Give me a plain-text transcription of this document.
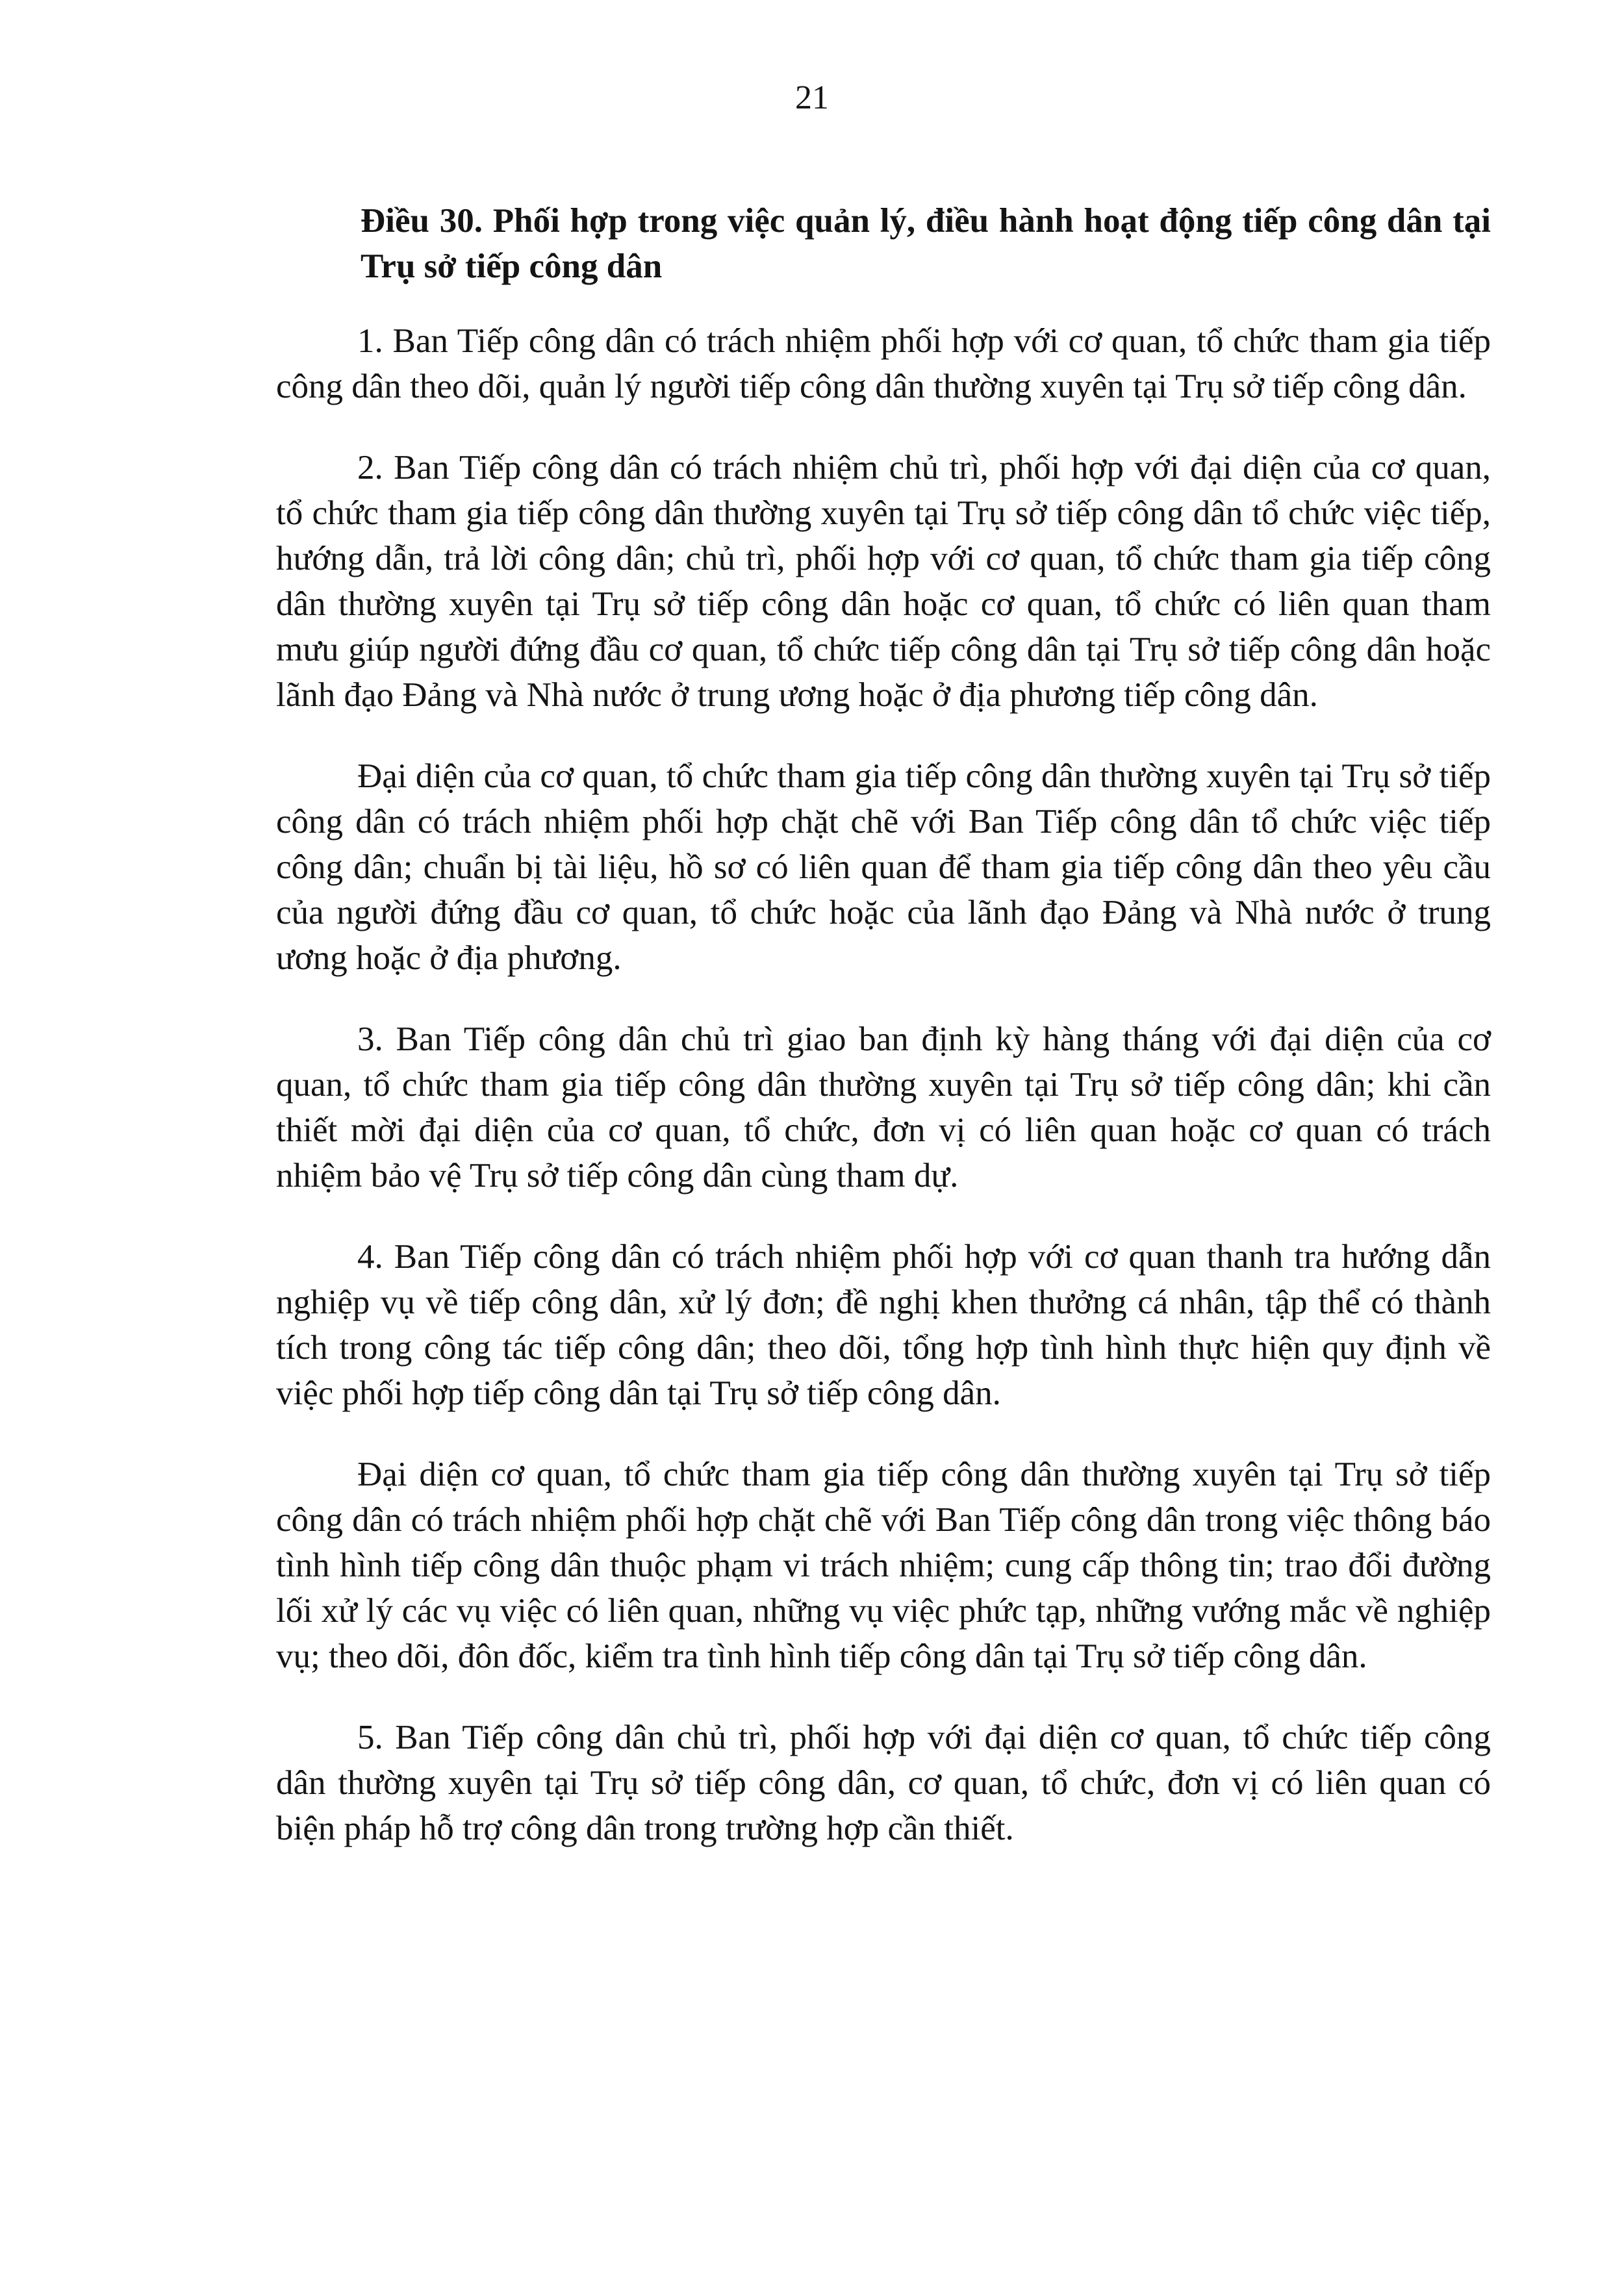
21

Điều 30. Phối hợp trong việc quản lý, điều hành hoạt động tiếp công dân tại Trụ sở tiếp công dân

1. Ban Tiếp công dân có trách nhiệm phối hợp với cơ quan, tổ chức tham gia tiếp công dân theo dõi, quản lý người tiếp công dân thường xuyên tại Trụ sở tiếp công dân.

2. Ban Tiếp công dân có trách nhiệm chủ trì, phối hợp với đại diện của cơ quan, tổ chức tham gia tiếp công dân thường xuyên tại Trụ sở tiếp công dân tổ chức việc tiếp, hướng dẫn, trả lời công dân; chủ trì, phối hợp với cơ quan, tổ chức tham gia tiếp công dân thường xuyên tại Trụ sở tiếp công dân hoặc cơ quan, tổ chức có liên quan tham mưu giúp người đứng đầu cơ quan, tổ chức tiếp công dân tại Trụ sở tiếp công dân hoặc lãnh đạo Đảng và Nhà nước ở trung ương hoặc ở địa phương tiếp công dân.

Đại diện của cơ quan, tổ chức tham gia tiếp công dân thường xuyên tại Trụ sở tiếp công dân có trách nhiệm phối hợp chặt chẽ với Ban Tiếp công dân tổ chức việc tiếp công dân; chuẩn bị tài liệu, hồ sơ có liên quan để tham gia tiếp công dân theo yêu cầu của người đứng đầu cơ quan, tổ chức hoặc của lãnh đạo Đảng và Nhà nước ở trung ương hoặc ở địa phương.

3. Ban Tiếp công dân chủ trì giao ban định kỳ hàng tháng với đại diện của cơ quan, tổ chức tham gia tiếp công dân thường xuyên tại Trụ sở tiếp công dân; khi cần thiết mời đại diện của cơ quan, tổ chức, đơn vị có liên quan hoặc cơ quan có trách nhiệm bảo vệ Trụ sở tiếp công dân cùng tham dự.

4. Ban Tiếp công dân có trách nhiệm phối hợp với cơ quan thanh tra hướng dẫn nghiệp vụ về tiếp công dân, xử lý đơn; đề nghị khen thưởng cá nhân, tập thể có thành tích trong công tác tiếp công dân; theo dõi, tổng hợp tình hình thực hiện quy định về việc phối hợp tiếp công dân tại Trụ sở tiếp công dân.

Đại diện cơ quan, tổ chức tham gia tiếp công dân thường xuyên tại Trụ sở tiếp công dân có trách nhiệm phối hợp chặt chẽ với Ban Tiếp công dân trong việc thông báo tình hình tiếp công dân thuộc phạm vi trách nhiệm; cung cấp thông tin; trao đổi đường lối xử lý các vụ việc có liên quan, những vụ việc phức tạp, những vướng mắc về nghiệp vụ; theo dõi, đôn đốc, kiểm tra tình hình tiếp công dân tại Trụ sở tiếp công dân.

5. Ban Tiếp công dân chủ trì, phối hợp với đại diện cơ quan, tổ chức tiếp công dân thường xuyên tại Trụ sở tiếp công dân, cơ quan, tổ chức, đơn vị có liên quan có biện pháp hỗ trợ công dân trong trường hợp cần thiết.
